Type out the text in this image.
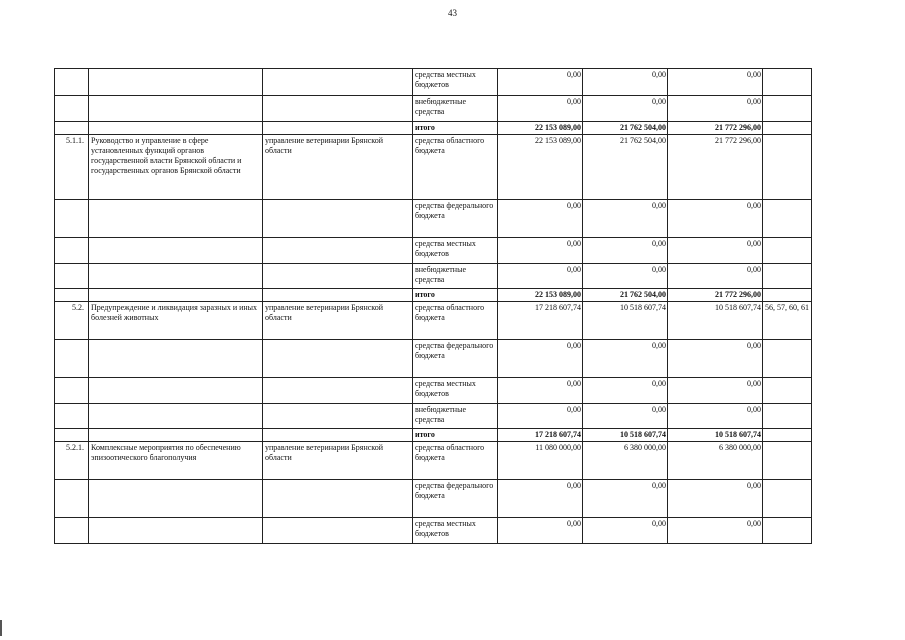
43
			средства местных бюджетов	0,00	0,00	0,00	
			внебюджетные средства	0,00	0,00	0,00	
			итого	22 153 089,00	21 762 504,00	21 772 296,00	
5.1.1.	Руководство и управление в сфере установленных функций органов государственной власти Брянской области и государственных органов Брянской области	управление ветеринарии Брянской области	средства областного бюджета	22 153 089,00	21 762 504,00	21 772 296,00	
			средства федерального бюджета	0,00	0,00	0,00	
			средства местных бюджетов	0,00	0,00	0,00	
			внебюджетные средства	0,00	0,00	0,00	
			итого	22 153 089,00	21 762 504,00	21 772 296,00	
5.2.	Предупреждение и ликвидация заразных и иных болезней животных	управление ветеринарии Брянской области	средства областного бюджета	17 218 607,74	10 518 607,74	10 518 607,74	56, 57, 60, 61
			средства федерального бюджета	0,00	0,00	0,00	
			средства местных бюджетов	0,00	0,00	0,00	
			внебюджетные средства	0,00	0,00	0,00	
			итого	17 218 607,74	10 518 607,74	10 518 607,74	
5.2.1.	Комплексные мероприятия по обеспечению эпизоотического благополучия	управление ветеринарии Брянской области	средства областного бюджета	11 080 000,00	6 380 000,00	6 380 000,00	
			средства федерального бюджета	0,00	0,00	0,00	
			средства местных бюджетов	0,00	0,00	0,00	
